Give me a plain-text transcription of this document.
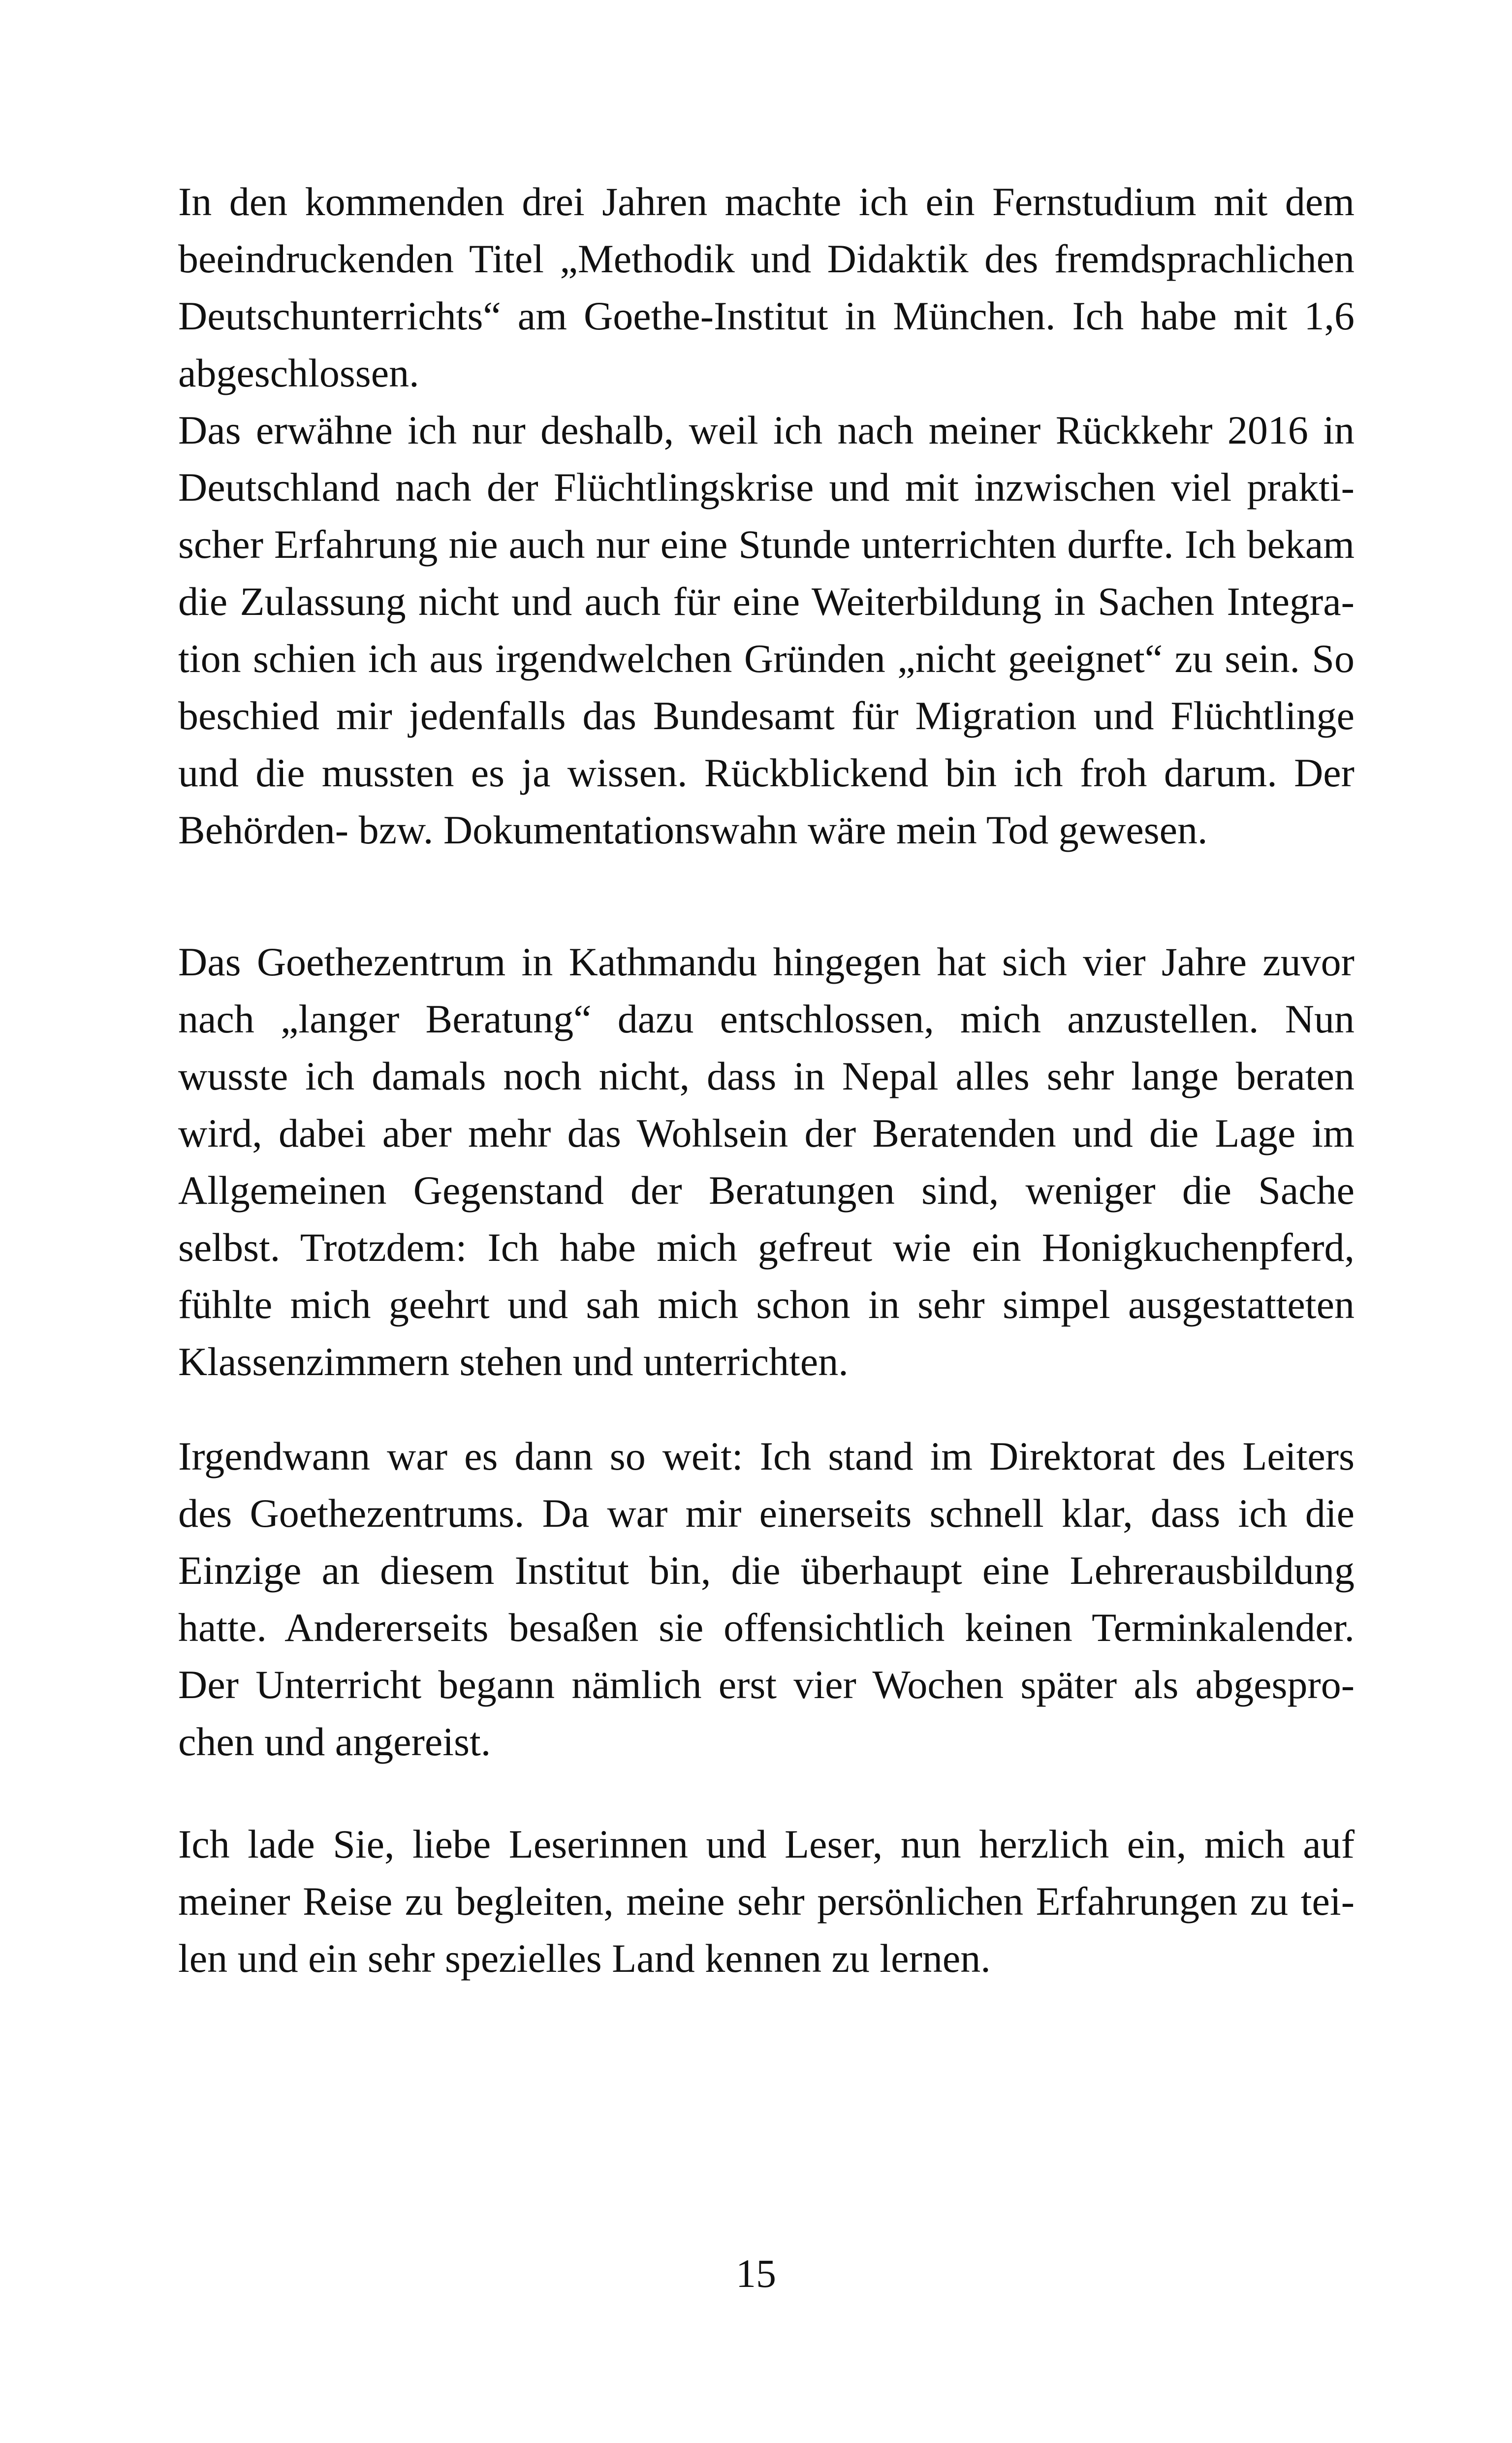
In den kommenden drei Jahren machte ich ein Fernstudium mit dem
beeindruckenden Titel „Methodik und Didaktik des fremdsprachlichen
Deutschunterrichts“ am Goethe-Institut in München. Ich habe mit 1,6
abgeschlossen.
Das erwähne ich nur deshalb, weil ich nach meiner Rückkehr 2016 in
Deutschland nach der Flüchtlingskrise und mit inzwischen viel prakti-
scher Erfahrung nie auch nur eine Stunde unterrichten durfte. Ich bekam
die Zulassung nicht und auch für eine Weiterbildung in Sachen Integra-
tion schien ich aus irgendwelchen Gründen „nicht geeignet“ zu sein. So
beschied mir jedenfalls das Bundesamt für Migration und Flüchtlinge
und die mussten es ja wissen. Rückblickend bin ich froh darum. Der
Behörden- bzw. Dokumentationswahn wäre mein Tod gewesen.
Das Goethezentrum in Kathmandu hingegen hat sich vier Jahre zuvor
nach „langer Beratung“ dazu entschlossen, mich anzustellen. Nun
wusste ich damals noch nicht, dass in Nepal alles sehr lange beraten
wird, dabei aber mehr das Wohlsein der Beratenden und die Lage im
Allgemeinen Gegenstand der Beratungen sind, weniger die Sache
selbst. Trotzdem: Ich habe mich gefreut wie ein Honigkuchenpferd,
fühlte mich geehrt und sah mich schon in sehr simpel ausgestatteten
Klassenzimmern stehen und unterrichten.
Irgendwann war es dann so weit: Ich stand im Direktorat des Leiters
des Goethezentrums. Da war mir einerseits schnell klar, dass ich die
Einzige an diesem Institut bin, die überhaupt eine Lehrerausbildung
hatte. Andererseits besaßen sie offensichtlich keinen Terminkalender.
Der Unterricht begann nämlich erst vier Wochen später als abgespro-
chen und angereist.
Ich lade Sie, liebe Leserinnen und Leser, nun herzlich ein, mich auf
meiner Reise zu begleiten, meine sehr persönlichen Erfahrungen zu tei-
len und ein sehr spezielles Land kennen zu lernen.
15
